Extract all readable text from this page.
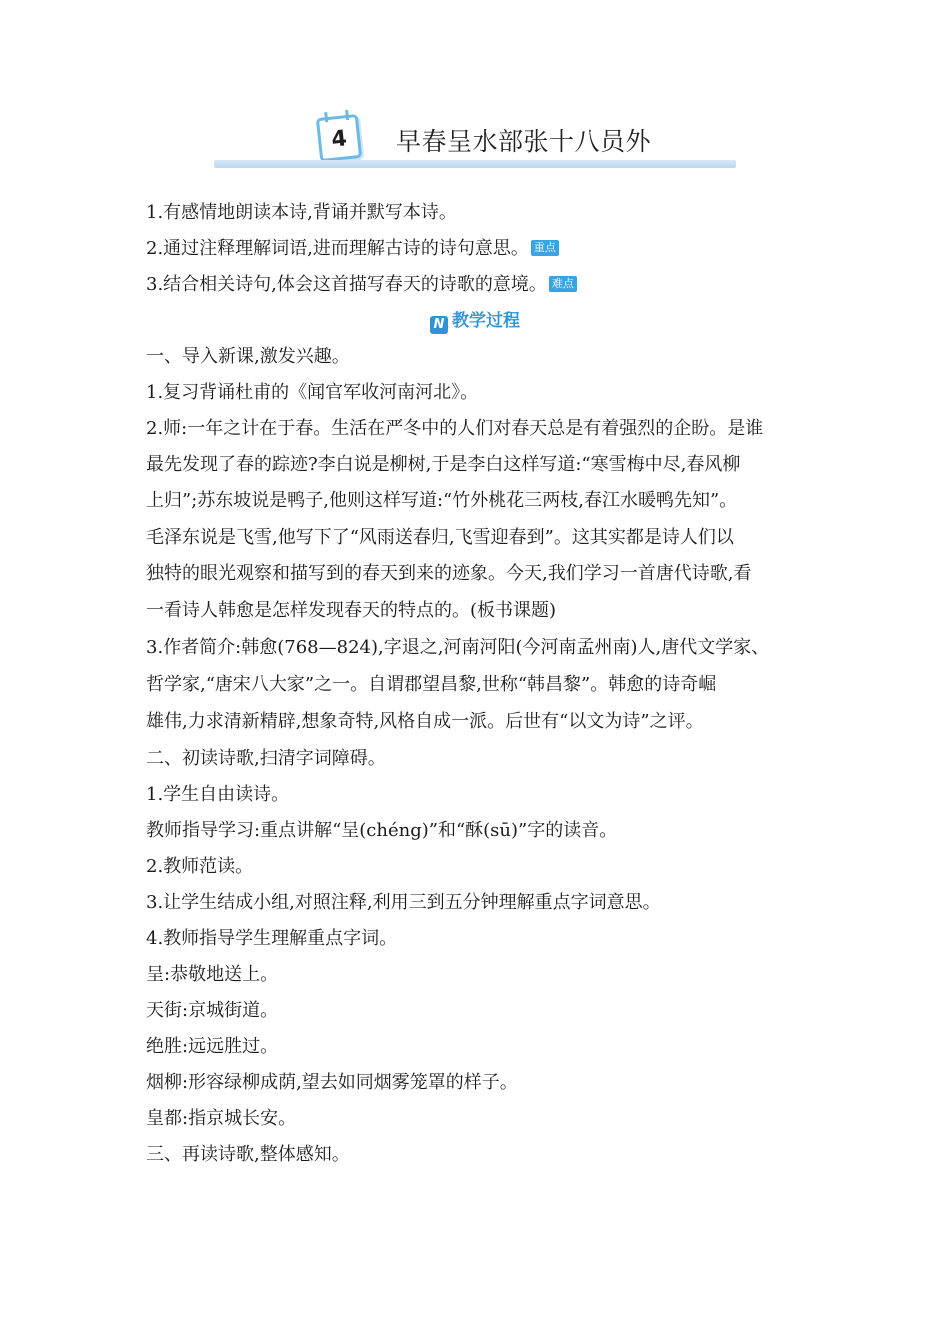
4	早春呈水部张十八员外
1.有感情地朗读本诗,背诵并默写本诗。
2.通过注释理解词语,进而理解古诗的诗句意思。 重点
3.结合相关诗句,体会这首描写春天的诗歌的意境。 难点
N 教学过程
一、导入新课,激发兴趣。
1.复习背诵杜甫的《闻官军收河南河北》。
2.师:一年之计在于春。生活在严冬中的人们对春天总是有着强烈的企盼。是谁
最先发现了春的踪迹?李白说是柳树,于是李白这样写道:“寒雪梅中尽,春风柳
上归”;苏东坡说是鸭子,他则这样写道:“竹外桃花三两枝,春江水暖鸭先知”。
毛泽东说是飞雪,他写下了“风雨送春归,飞雪迎春到”。这其实都是诗人们以
独特的眼光观察和描写到的春天到来的迹象。今天,我们学习一首唐代诗歌,看
一看诗人韩愈是怎样发现春天的特点的。(板书课题)
3.作者简介:韩愈(768—824),字退之,河南河阳(今河南孟州南)人,唐代文学家、
哲学家,“唐宋八大家”之一。自谓郡望昌黎,世称“韩昌黎”。韩愈的诗奇崛
雄伟,力求清新精辟,想象奇特,风格自成一派。后世有“以文为诗”之评。
二、初读诗歌,扫清字词障碍。
1.学生自由读诗。
教师指导学习:重点讲解“呈(chéng)”和“酥(sū)”字的读音。
2.教师范读。
3.让学生结成小组,对照注释,利用三到五分钟理解重点字词意思。
4.教师指导学生理解重点字词。
呈:恭敬地送上。
天街:京城街道。
绝胜:远远胜过。
烟柳:形容绿柳成荫,望去如同烟雾笼罩的样子。
皇都:指京城长安。
三、再读诗歌,整体感知。
